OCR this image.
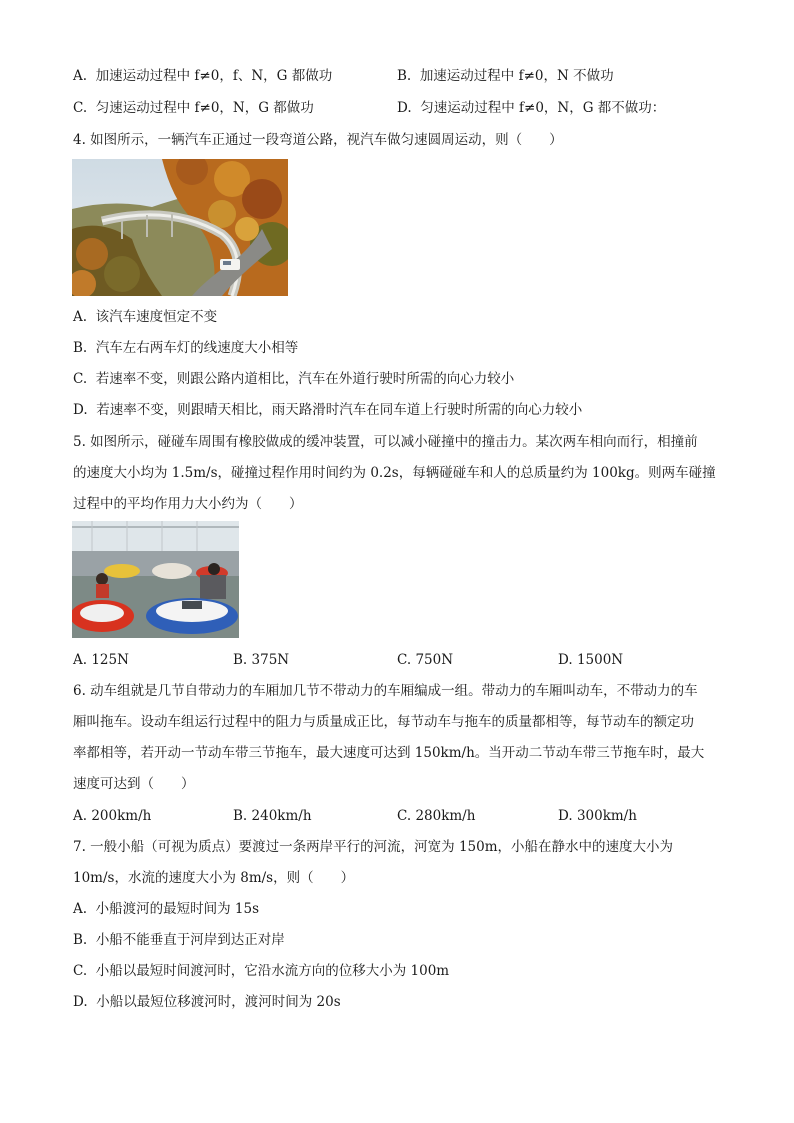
A. 加速运动过程中 f≠0，f、N，G 都做功	B. 加速运动过程中 f≠0，N 不做功
C. 匀速运动过程中 f≠0，N，G 都做功	D. 匀速运动过程中 f≠0，N，G 都不做功：
4. 如图所示，一辆汽车正通过一段弯道公路，视汽车做匀速圆周运动，则（　　）
A. 该汽车速度恒定不变
B. 汽车左右两车灯的线速度大小相等
C. 若速率不变，则跟公路内道相比，汽车在外道行驶时所需的向心力较小
D. 若速率不变，则跟晴天相比，雨天路滑时汽车在同车道上行驶时所需的向心力较小
5. 如图所示，碰碰车周围有橡胶做成的缓冲装置，可以减小碰撞中的撞击力。某次两车相向而行，相撞前
的速度大小均为 1.5m/s，碰撞过程作用时间约为 0.2s，每辆碰碰车和人的总质量约为 100kg。则两车碰撞
过程中的平均作用力大小约为（　　）
A. 125N	B. 375N	C. 750N	D. 1500N
6. 动车组就是几节自带动力的车厢加几节不带动力的车厢编成一组。带动力的车厢叫动车，不带动力的车
厢叫拖车。设动车组运行过程中的阻力与质量成正比，每节动车与拖车的质量都相等，每节动车的额定功
率都相等，若开动一节动车带三节拖车，最大速度可达到 150km/h。当开动二节动车带三节拖车时，最大
速度可达到（　　）
A. 200km/h	B. 240km/h	C. 280km/h	D. 300km/h
7. 一般小船（可视为质点）要渡过一条两岸平行的河流，河宽为 150m，小船在静水中的速度大小为
10m/s，水流的速度大小为 8m/s，则（　　）
A. 小船渡河的最短时间为 15s
B. 小船不能垂直于河岸到达正对岸
C. 小船以最短时间渡河时，它沿水流方向的位移大小为 100m
D. 小船以最短位移渡河时，渡河时间为 20s
